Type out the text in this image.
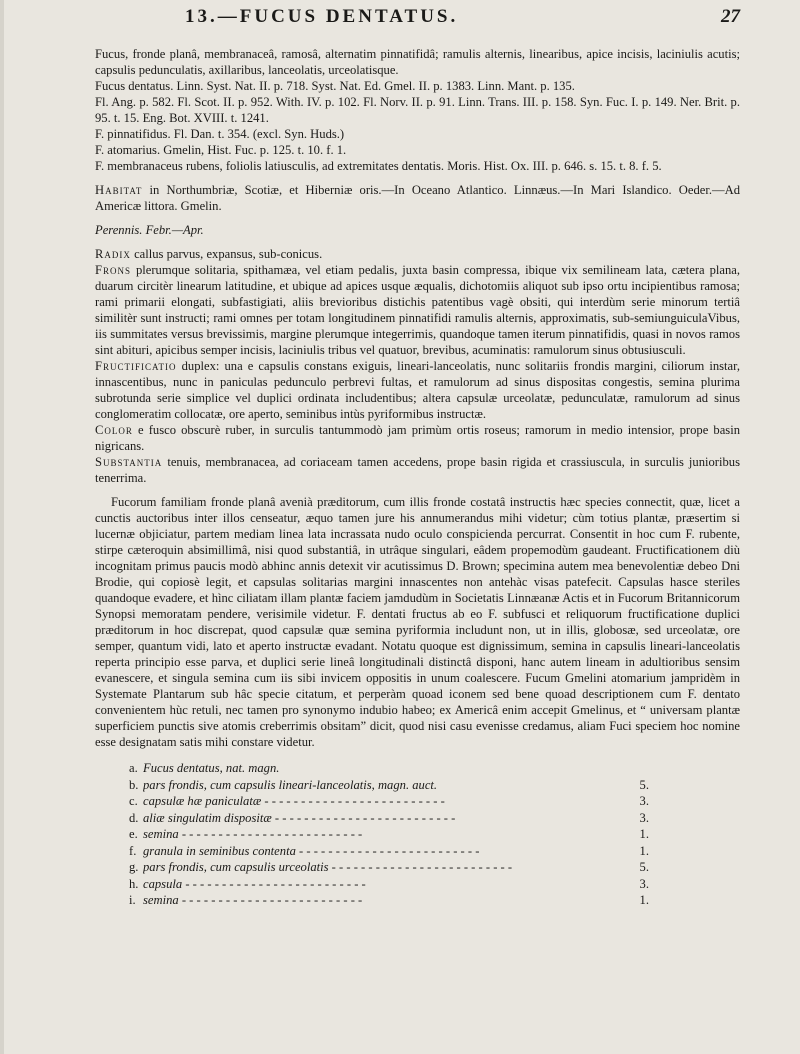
13.—FUCUS DENTATUS.	27

Fucus, fronde planâ, membranaceâ, ramosâ, alternatim pinnatifidâ; ramulis alternis, linearibus, apice incisis, laciniulis acutis; capsulis pedunculatis, axillaribus, lanceolatis, urceolatisque.

Fucus dentatus. Linn. Syst. Nat. II. p. 718. Syst. Nat. Ed. Gmel. II. p. 1383. Linn. Mant. p. 135.

Fl. Ang. p. 582. Fl. Scot. II. p. 952. With. IV. p. 102. Fl. Norv. II. p. 91. Linn. Trans. III. p. 158. Syn. Fuc. I. p. 149. Ner. Brit. p. 95. t. 15. Eng. Bot. XVIII. t. 1241.

F. pinnatifidus. Fl. Dan. t. 354. (excl. Syn. Huds.)

F. atomarius. Gmelin, Hist. Fuc. p. 125. t. 10. f. 1.

F. membranaceus rubens, foliolis latiusculis, ad extremitates dentatis. Moris. Hist. Ox. III. p. 646. s. 15. t. 8. f. 5.

Habitat in Northumbriæ, Scotiæ, et Hiberniæ oris.—In Oceano Atlantico. Linnæus.—In Mari Islandico. Oeder.—Ad Americæ littora. Gmelin.

Perennis. Febr.—Apr.

Radix callus parvus, expansus, sub-conicus.

Frons plerumque solitaria, spithamæa, vel etiam pedalis, juxta basin compressa, ibique vix semilineam lata, cætera plana, duarum circitèr linearum latitudine, et ubique ad apices usque æqualis, dichotomiis aliquot sub ipso ortu incipientibus ramosa; rami primarii elongati, subfastigiati, aliis brevioribus distichis patentibus vagè obsiti, qui interdùm serie minorum tertiâ similitèr sunt instructi; rami omnes per totam longitudinem pinnatifidi ramulis alternis, approximatis, sub-semiunguiculaVibus, iis summitates versus brevissimis, margine plerumque integerrimis, quandoque tamen iterum pinnatifidis, quasi in novos ramos sint abituri, apicibus semper incisis, laciniulis tribus vel quatuor, brevibus, acuminatis: ramulorum sinus obtusiusculi.

Fructificatio duplex: una e capsulis constans exiguis, lineari-lanceolatis, nunc solitariis frondis margini, ciliorum instar, innascentibus, nunc in paniculas pedunculo perbrevi fultas, et ramulorum ad sinus dispositas congestis, semina plurima subrotunda serie simplice vel duplici ordinata includentibus; altera capsulæ urceolatæ, pedunculatæ, ramulorum ad sinus conglomeratim collocatæ, ore aperto, seminibus intùs pyriformibus instructæ.

Color e fusco obscurè ruber, in surculis tantummodò jam primùm ortis roseus; ramorum in medio intensior, prope basin nigricans.

Substantia tenuis, membranacea, ad coriaceam tamen accedens, prope basin rigida et crassiuscula, in surculis junioribus tenerrima.

Fucorum familiam fronde planâ avenià præditorum, cum illis fronde costatâ instructis hæc species connectit, quæ, licet a cunctis auctoribus inter illos censeatur, æquo tamen jure his annumerandus mihi videtur; cùm totius plantæ, præsertim si lucernæ objiciatur, partem mediam linea lata incrassata nudo oculo conspicienda percurrat. Consentit in hoc cum F. rubente, stirpe cæteroquin absimillimâ, nisi quod substantiâ, in utrâque singulari, eâdem propemodùm gaudeant. Fructificationem diù incognitam primus paucis modò abhinc annis detexit vir acutissimus D. Brown; specimina autem mea benevolentiæ debeo Dni Brodie, qui copiosè legit, et capsulas solitarias margini innascentes non antehàc visas patefecit. Capsulas hasce steriles quandoque evadere, et hìnc ciliatam illam plantæ faciem jamdudùm in Societatis Linnæanæ Actis et in Fucorum Britannicorum Synopsi memoratam pendere, verisimile videtur. F. dentati fructus ab eo F. subfusci et reliquorum fructificatione duplici præditorum in hoc discrepat, quod capsulæ quæ semina pyriformia includunt non, ut in illis, globosæ, sed urceolatæ, ore semper, quantum vidi, lato et aperto instructæ evadant. Notatu quoque est dignissimum, semina in capsulis lineari-lanceolatis reperta principio esse parva, et duplici serie lineâ longitudinali distinctâ disponi, hanc autem lineam in adultioribus sensim evanescere, et singula semina cum iis sibi invicem oppositis in unum coalescere. Fucum Gmelini atomarium jampridèm in Systemate Plantarum sub hâc specie citatum, et perperàm quoad iconem sed bene quoad descriptionem cum F. dentato convenientem hùc retuli, nec tamen pro synonymo indubio habeo; ex Americâ enim accepit Gmelinus, et “ universam plantæ superficiem punctis sive atomis creberrimis obsitam” dicit, quod nisi casu evenisse credamus, aliam Fuci speciem hoc nomine esse designatam satis mihi constare videtur.

a. Fucus dentatus, nat. magn.
b. pars frondis, cum capsulis lineari-lanceolatis, magn. auct.	5.
c. capsulæ hæ paniculatæ - - -	3.
d. aliæ singulatim dispositæ - - -	3.
e. semina - - -	1.
f. granula in seminibus contenta - - -	1.
g. pars frondis, cum capsulis urceolatis - - -	5.
h. capsula - - -	3.
i. semina - - -	1.
